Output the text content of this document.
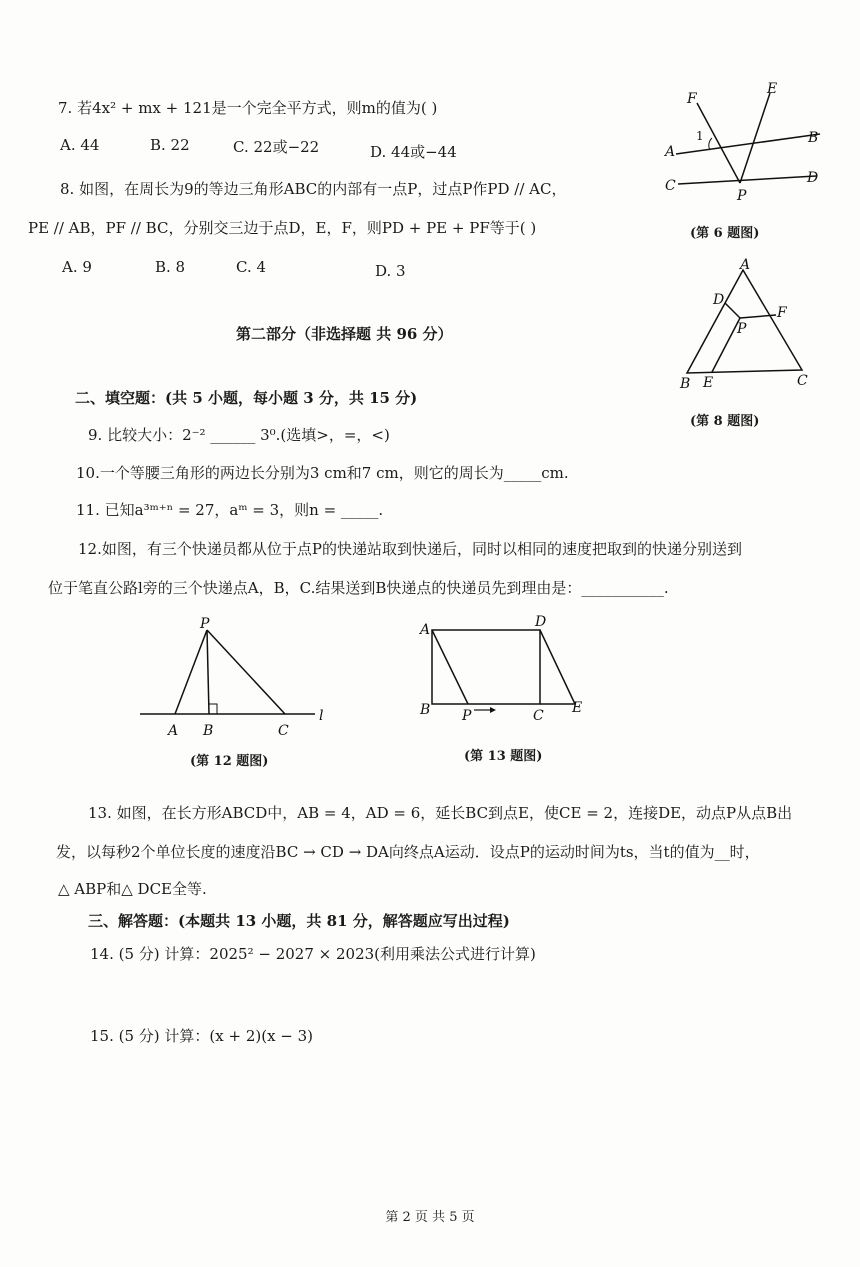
7. 若4x² + mx + 121是一个完全平方式，则m的值为( )
A. 44	B. 22	C. 22或−22	D. 44或−44
8. 如图，在周长为9的等边三角形ABC的内部有一点P，过点P作PD // AC，
PE // AB，PF // BC，分别交三边于点D，E，F，则PD + PE + PF等于( )
A. 9	B. 8	C. 4	D. 3
第二部分（非选择题 共 96 分）
二、填空题：(共 5 小题，每小题 3 分，共 15 分)
9. 比较大小：2⁻² ______ 3⁰.(选填>，=，<)
10.一个等腰三角形的两边长分别为3 cm和7 cm，则它的周长为_____cm.
11. 已知a³ᵐ⁺ⁿ = 27，aᵐ = 3，则n = _____.
12.如图，有三个快递员都从位于点P的快递站取到快递后，同时以相同的速度把取到的快递分别送到
位于笔直公路l旁的三个快递点A，B，C.结果送到B快递点的快递员先到理由是：___________.
13. 如图，在长方形ABCD中，AB = 4，AD = 6，延长BC到点E，使CE = 2，连接DE，动点P从点B出
发，以每秒2个单位长度的速度沿BC → CD → DA向终点A运动．设点P的运动时间为ts，当t的值为__时，
△ ABP和△ DCE全等.
三、解答题：(本题共 13 小题，共 81 分，解答题应写出过程)
14. (5 分) 计算：2025² − 2027 × 2023(利用乘法公式进行计算)
15. (5 分) 计算：(x + 2)(x − 3)
F
E
1
A
B
C
P
D
(第 6 题图)
A
D
F
P
B E	C
(第 8 题图)
P
A B	C
l
(第 12 题图)
A	D
B P	C E
(第 13 题图)
第 2 页 共 5 页
